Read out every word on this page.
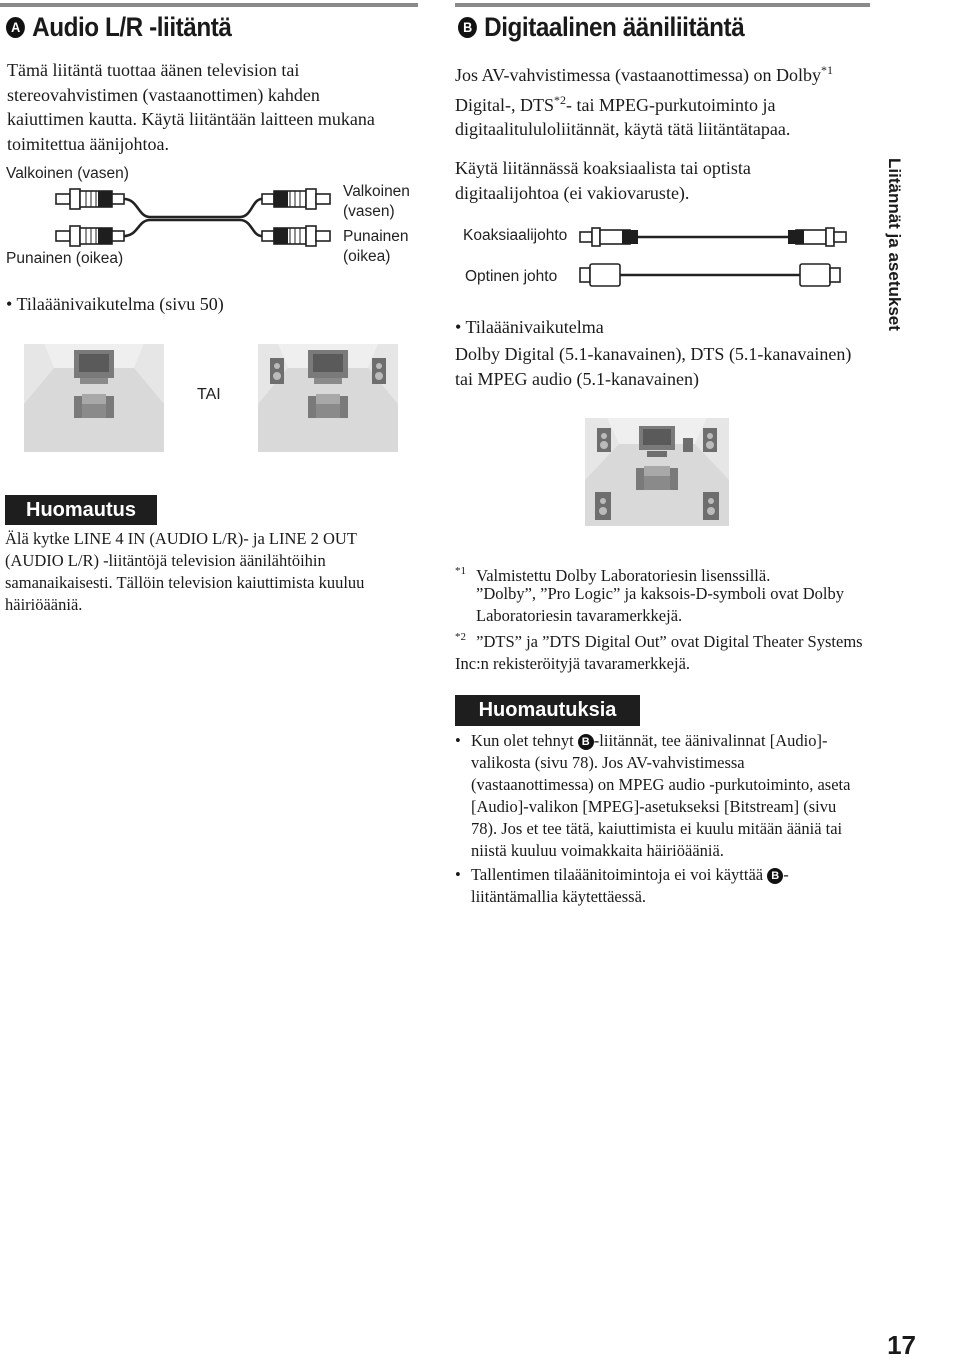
A Audio L/R -liitäntä
Tämä liitäntä tuottaa äänen television tai stereovahvistimen (vastaanottimen) kahden kaiuttimen kautta. Käytä liitäntään laitteen mukana toimitettua äänijohtoa.
Valkoinen (vasen)
Punainen (oikea)
Valkoinen
(vasen)
Punainen
(oikea)
• Tilaäänivaikutelma (sivu 50)
TAI
Huomautus
Älä kytke LINE 4 IN (AUDIO L/R)- ja LINE 2 OUT (AUDIO L/R) -liitäntöjä television äänilähtöihin samanaikaisesti. Tällöin television kaiuttimista kuuluu häiriöääniä.
B Digitaalinen ääniliitäntä
Jos AV-vahvistimessa (vastaanottimessa) on Dolby$^{*1}$ Digital-, DTS$^{*2}$- tai MPEG-purkutoiminto ja digitaalitululoliitännät, käytä tätä liitäntätapaa.
Käytä liitännässä koaksiaalista tai optista digitaalijohtoa (ei vakiovaruste).
Koaksiaalijohto
Optinen johto
• Tilaäänivaikutelma
Dolby Digital (5.1-kanavainen), DTS (5.1-kanavainen) tai MPEG audio (5.1-kanavainen)
$^{*1}$ Valmistettu Dolby Laboratoriesin lisenssillä.
”Dolby”, ”Pro Logic” ja kaksois-D-symboli ovat Dolby Laboratoriesin tavaramerkkejä.
$^{*2}$ ”DTS” ja ”DTS Digital Out” ovat Digital Theater Systems Inc:n rekisteröityjä tavaramerkkejä.
Huomautuksia
• Kun olet tehnyt B -liitännät, tee äänivalinnat [Audio]-valikosta (sivu 78). Jos AV-vahvistimessa (vastaanottimessa) on MPEG audio -purkutoiminto, aseta [Audio]-valikon [MPEG]-asetukseksi [Bitstream] (sivu 78). Jos et tee tätä, kaiuttimista ei kuulu mitään ääniä tai niistä kuuluu voimakkaita häiriöääniä.
• Tallentimen tilaäänitoimintoja ei voi käyttää B -liitäntämallia käytettäessä.
Liitännät ja asetukset
17
